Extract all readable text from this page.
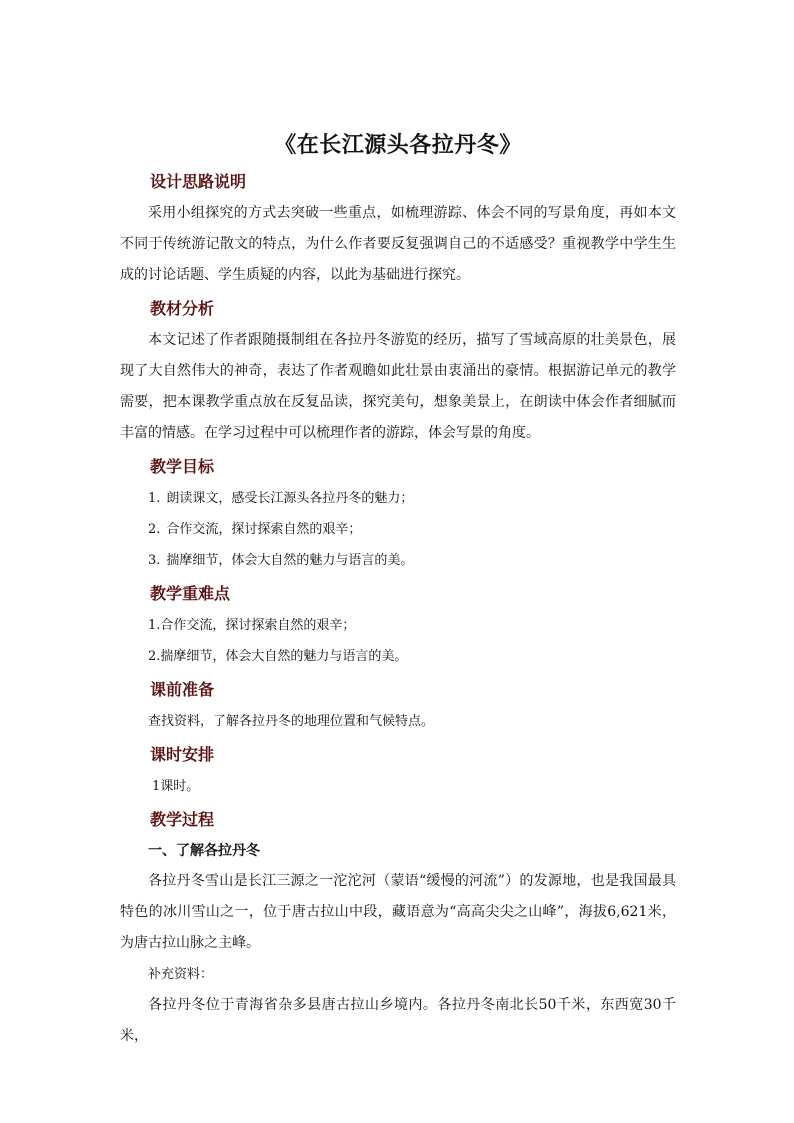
《在长江源头各拉丹冬》
设计思路说明

采用小组探究的方式去突破一些重点，如梳理游踪、体会不同的写景角度，再如本文不同于传统游记散文的特点，为什么作者要反复强调自己的不适感受？重视教学中学生生成的讨论话题、学生质疑的内容，以此为基础进行探究。

教材分析

本文记述了作者跟随摄制组在各拉丹冬游览的经历，描写了雪域高原的壮美景色，展现了大自然伟大的神奇，表达了作者观瞻如此壮景由衷涌出的豪情。根据游记单元的教学需要，把本课教学重点放在反复品读，探究美句，想象美景上，在朗读中体会作者细腻而丰富的情感。在学习过程中可以梳理作者的游踪，体会写景的角度。

教学目标
1. 朗读课文，感受长江源头各拉丹冬的魅力；
2. 合作交流，探讨探索自然的艰辛；
3. 揣摩细节，体会大自然的魅力与语言的美。
教学重难点
1.合作交流，探讨探索自然的艰辛；
2.揣摩细节，体会大自然的魅力与语言的美。
课前准备
查找资料，了解各拉丹冬的地理位置和气候特点。
课时安排
1课时。
教学过程
一、了解各拉丹冬

各拉丹冬雪山是长江三源之一沱沱河（蒙语“缓慢的河流”）的发源地，也是我国最具特色的冰川雪山之一，位于唐古拉山中段，藏语意为“高高尖尖之山峰”，海拔6,621米，为唐古拉山脉之主峰。

补充资料：

各拉丹冬位于青海省杂多县唐古拉山乡境内。各拉丹冬南北长50千米，东西宽30千米，
